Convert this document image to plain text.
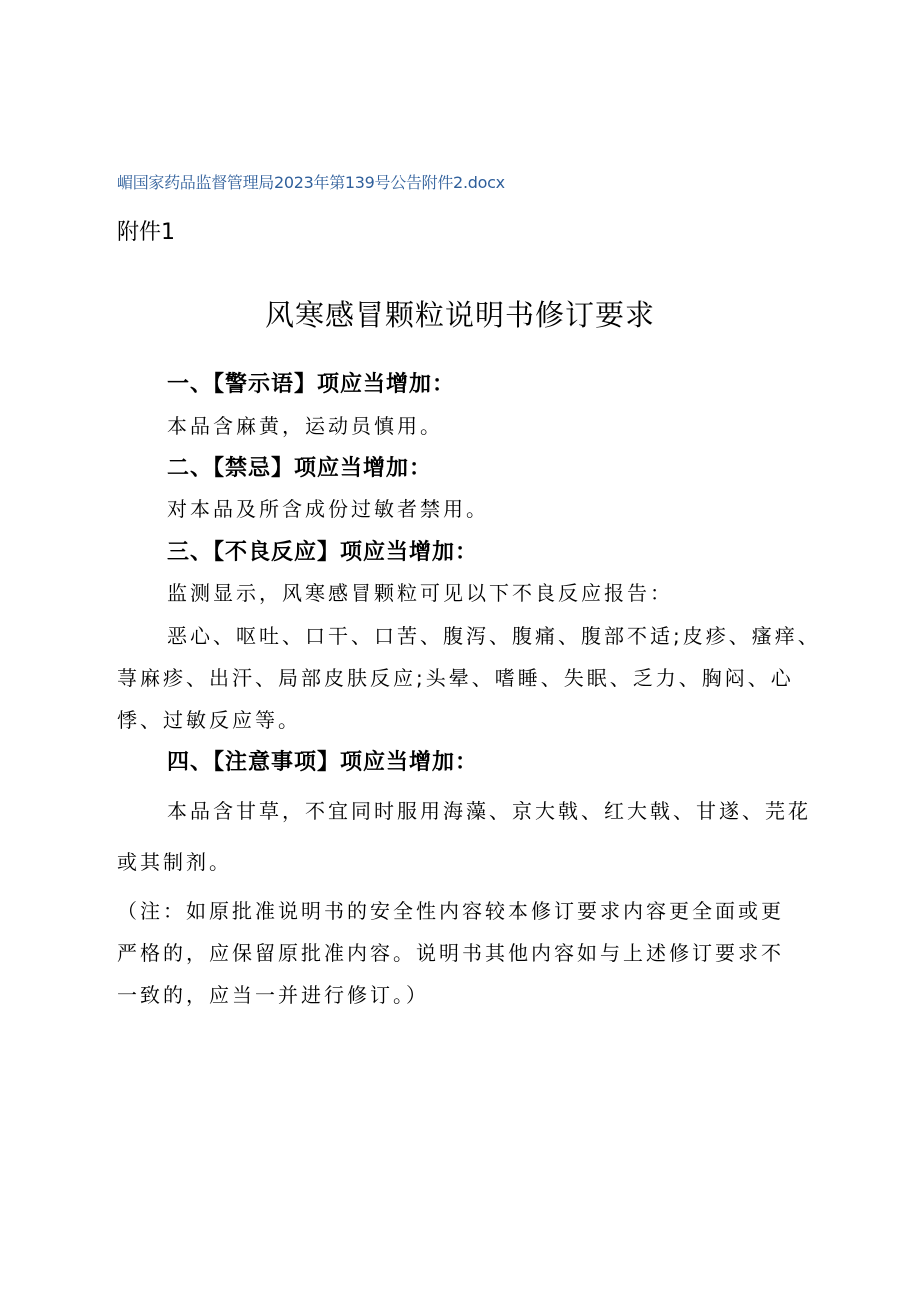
嵋国家药品监督管理局2023年第139号公告附件2.docx
附件1
风寒感冒颗粒说明书修订要求
一、【警示语】项应当增加：
本品含麻黄，运动员慎用。
二、【禁忌】项应当增加：
对本品及所含成份过敏者禁用。
三、【不良反应】项应当增加：
监测显示，风寒感冒颗粒可见以下不良反应报告：
恶心、呕吐、口干、口苦、腹泻、腹痛、腹部不适;皮疹、瘙痒、
荨麻疹、出汗、局部皮肤反应;头晕、嗜睡、失眠、乏力、胸闷、心
悸、过敏反应等。
四、【注意事项】项应当增加：
本品含甘草，不宜同时服用海藻、京大戟、红大戟、甘遂、芫花
或其制剂。
（注：如原批准说明书的安全性内容较本修订要求内容更全面或更
严格的，应保留原批准内容。说明书其他内容如与上述修订要求不
一致的，应当一并进行修订。）
